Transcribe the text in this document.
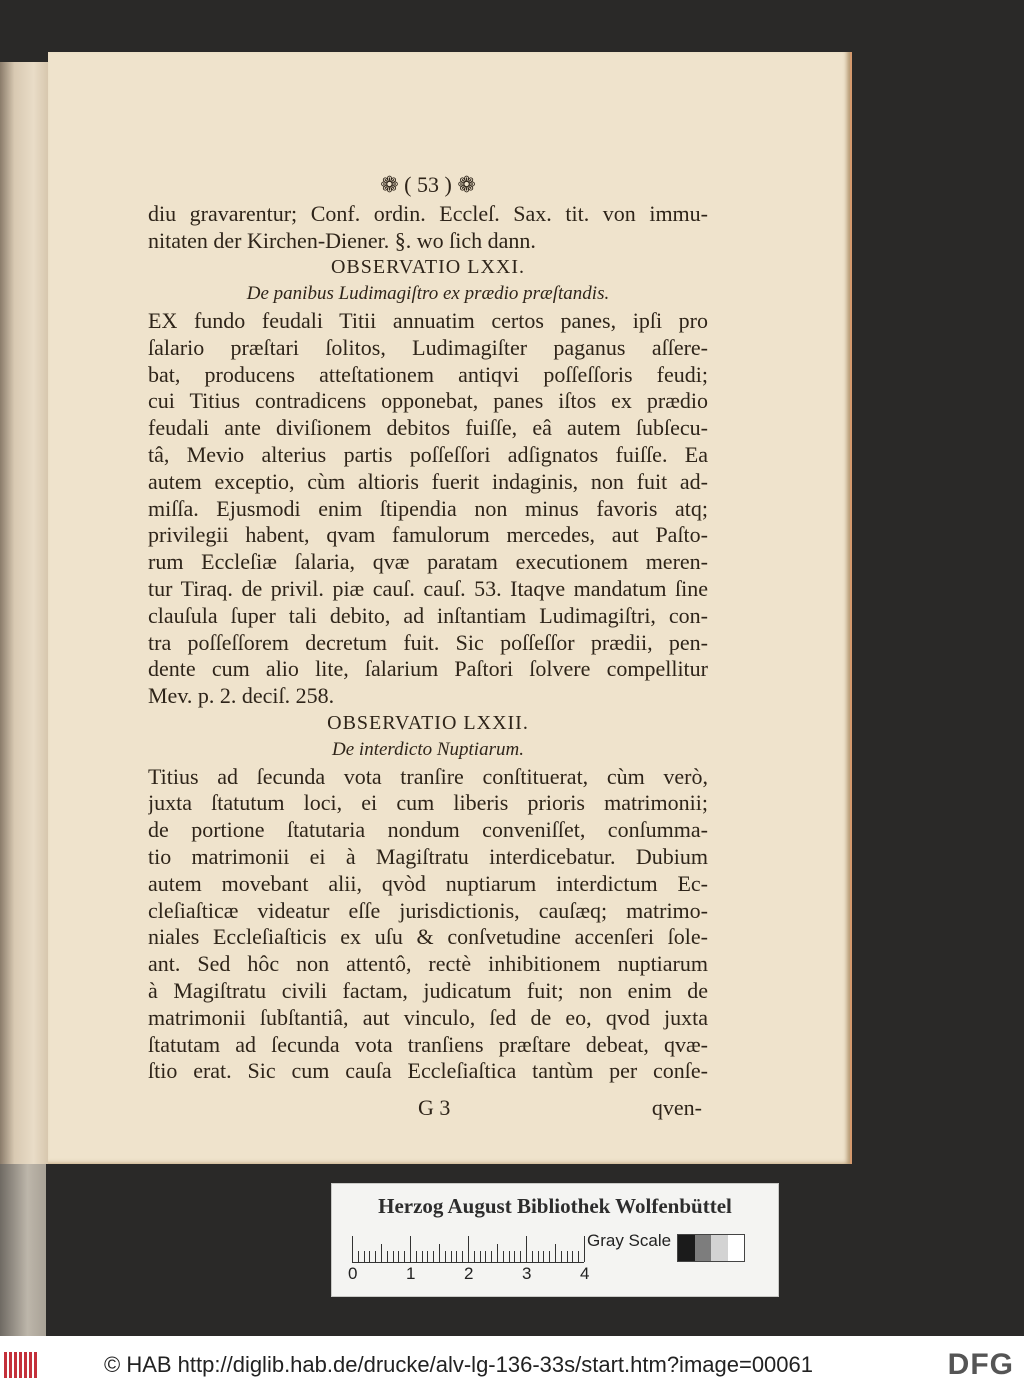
❁ ( 53 ) ❁
diu gravarentur; Conf. ordin. Eccleſ. Sax. tit. von immu-
nitaten der Kirchen-Diener. §. wo ſich dann.
OBSERVATIO LXXI.
De panibus Ludimagiſtro ex prædio præſtandis.
EX fundo feudali Titii annuatim certos panes, ipſi pro
ſalario præſtari ſolitos, Ludimagiſter paganus aſſere-
bat, producens atteſtationem antiqvi poſſeſſoris feudi;
cui Titius contradicens opponebat, panes iſtos ex prædio
feudali ante diviſionem debitos fuiſſe, eâ autem ſubſecu-
tâ, Mevio alterius partis poſſeſſori adſignatos fuiſſe. Ea
autem exceptio, cùm altioris fuerit indaginis, non fuit ad-
miſſa. Ejusmodi enim ſtipendia non minus favoris atq;
privilegii habent, qvam famulorum mercedes, aut Paſto-
rum Eccleſiæ ſalaria, qvæ paratam executionem meren-
tur Tiraq. de privil. piæ cauſ. cauſ. 53. Itaqve mandatum ſine
clauſula ſuper tali debito, ad inſtantiam Ludimagiſtri, con-
tra poſſeſſorem decretum fuit. Sic poſſeſſor prædii, pen-
dente cum alio lite, ſalarium Paſtori ſolvere compellitur
Mev. p. 2. deciſ. 258.
OBSERVATIO LXXII.
De interdicto Nuptiarum.
Titius ad ſecunda vota tranſire conſtituerat, cùm verò,
juxta ſtatutum loci, ei cum liberis prioris matrimonii;
de portione ſtatutaria nondum conveniſſet, conſumma-
tio matrimonii ei à Magiſtratu interdicebatur. Dubium
autem movebant alii, qvòd nuptiarum interdictum Ec-
cleſiaſticæ videatur eſſe jurisdictionis, cauſæq; matrimo-
niales Eccleſiaſticis ex uſu & conſvetudine accenſeri ſole-
ant. Sed hôc non attentô, rectè inhibitionem nuptiarum
à Magiſtratu civili factam, judicatum fuit; non enim de
matrimonii ſubſtantiâ, aut vinculo, ſed de eo, qvod juxta
ſtatutam ad ſecunda vota tranſiens præſtare debeat, qvæ-
ſtio erat. Sic cum cauſa Eccleſiaſtica tantùm per conſe-
G 3	qven-
Herzog August Bibliothek Wolfenbüttel
0	1	2	3	4
Gray Scale
© HAB http://diglib.hab.de/drucke/alv-lg-136-33s/start.htm?image=00061	DFG
